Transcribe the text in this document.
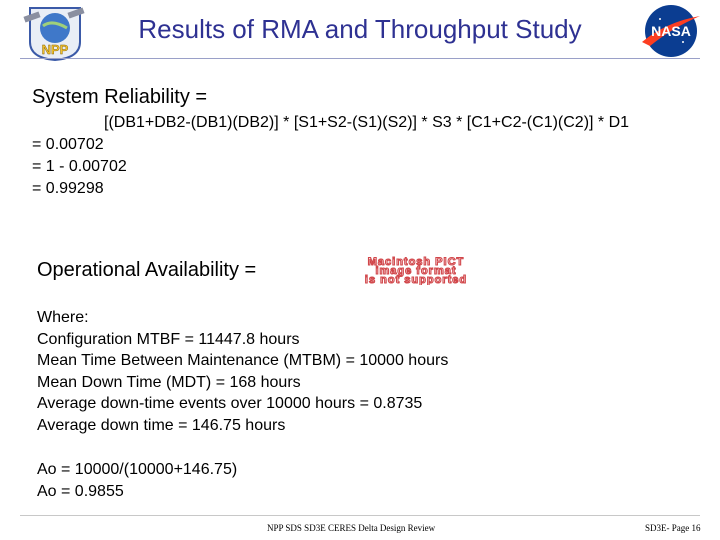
NPP
Results of RMA and Throughput Study	NASA
System Reliability =
[(DB1+DB2-(DB1)(DB2)] * [S1+S2-(S1)(S2)] * S3 * [C1+C2-(C1)(C2)] * D1
= 0.00702
= 1 - 0.00702
= 0.99298
Operational Availability =	Macintosh PICT
image format
is not supported
Where:
Configuration MTBF = 11447.8 hours
Mean Time Between Maintenance (MTBM) = 10000 hours
Mean Down Time (MDT) = 168 hours
Average down-time events over 10000 hours = 0.8735
Average down time = 146.75 hours
Ao = 10000/(10000+146.75)
Ao = 0.9855
NPP SDS SD3E CERES Delta Design Review	SD3E- Page 16
